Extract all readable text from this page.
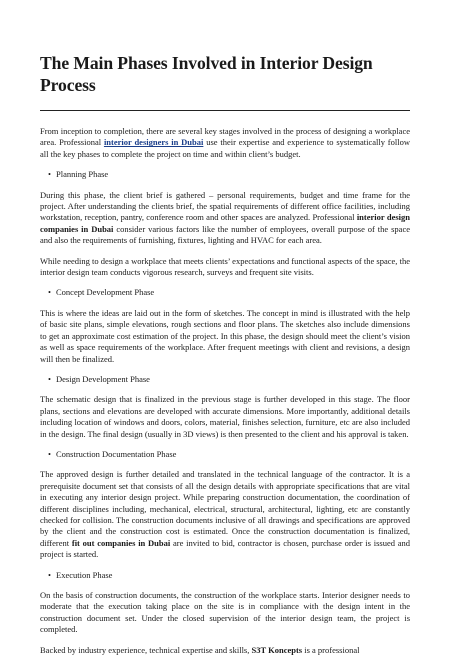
The Main Phases Involved in Interior Design Process

From inception to completion, there are several key stages involved in the process of designing a workplace area. Professional interior designers in Dubai use their expertise and experience to systematically follow all the key phases to complete the project on time and within client’s budget.

• Planning Phase

During this phase, the client brief is gathered – personal requirements, budget and time frame for the project. After understanding the clients brief, the spatial requirements of different office facilities, including workstation, reception, pantry, conference room and other spaces are analyzed. Professional interior design companies in Dubai consider various factors like the number of employees, overall purpose of the space and also the requirements of furnishing, fixtures, lighting and HVAC for each area.

While needing to design a workplace that meets clients’ expectations and functional aspects of the space, the interior design team conducts vigorous research, surveys and frequent site visits.

• Concept Development Phase

This is where the ideas are laid out in the form of sketches. The concept in mind is illustrated with the help of basic site plans, simple elevations, rough sections and floor plans. The sketches also include dimensions to get an approximate cost estimation of the project. In this phase, the design should meet the client’s vision as well as space requirements of the workplace. After frequent meetings with client and revisions, a design will then be finalized.

• Design Development Phase

The schematic design that is finalized in the previous stage is further developed in this stage. The floor plans, sections and elevations are developed with accurate dimensions. More importantly, additional details including location of windows and doors, colors, material, finishes selection, furniture, etc are also included in the design. The final design (usually in 3D views) is then presented to the client and his approval is taken.

• Construction Documentation Phase

The approved design is further detailed and translated in the technical language of the contractor. It is a prerequisite document set that consists of all the design details with appropriate specifications that are vital in executing any interior design project. While preparing construction documentation, the coordination of different disciplines including, mechanical, electrical, structural, architectural, lighting, etc are constantly checked for collision. The construction documents inclusive of all drawings and specifications are approved by the client and the construction cost is estimated. Once the construction documentation is finalized, different fit out companies in Dubai are invited to bid, contractor is chosen, purchase order is issued and project is started.

• Execution Phase

On the basis of construction documents, the construction of the workplace starts. Interior designer needs to moderate that the execution taking place on the site is in compliance with the design intent in the construction document set. Under the closed supervision of the interior design team, the project is completed.

Backed by industry experience, technical expertise and skills, S3T Koncepts is a professional
